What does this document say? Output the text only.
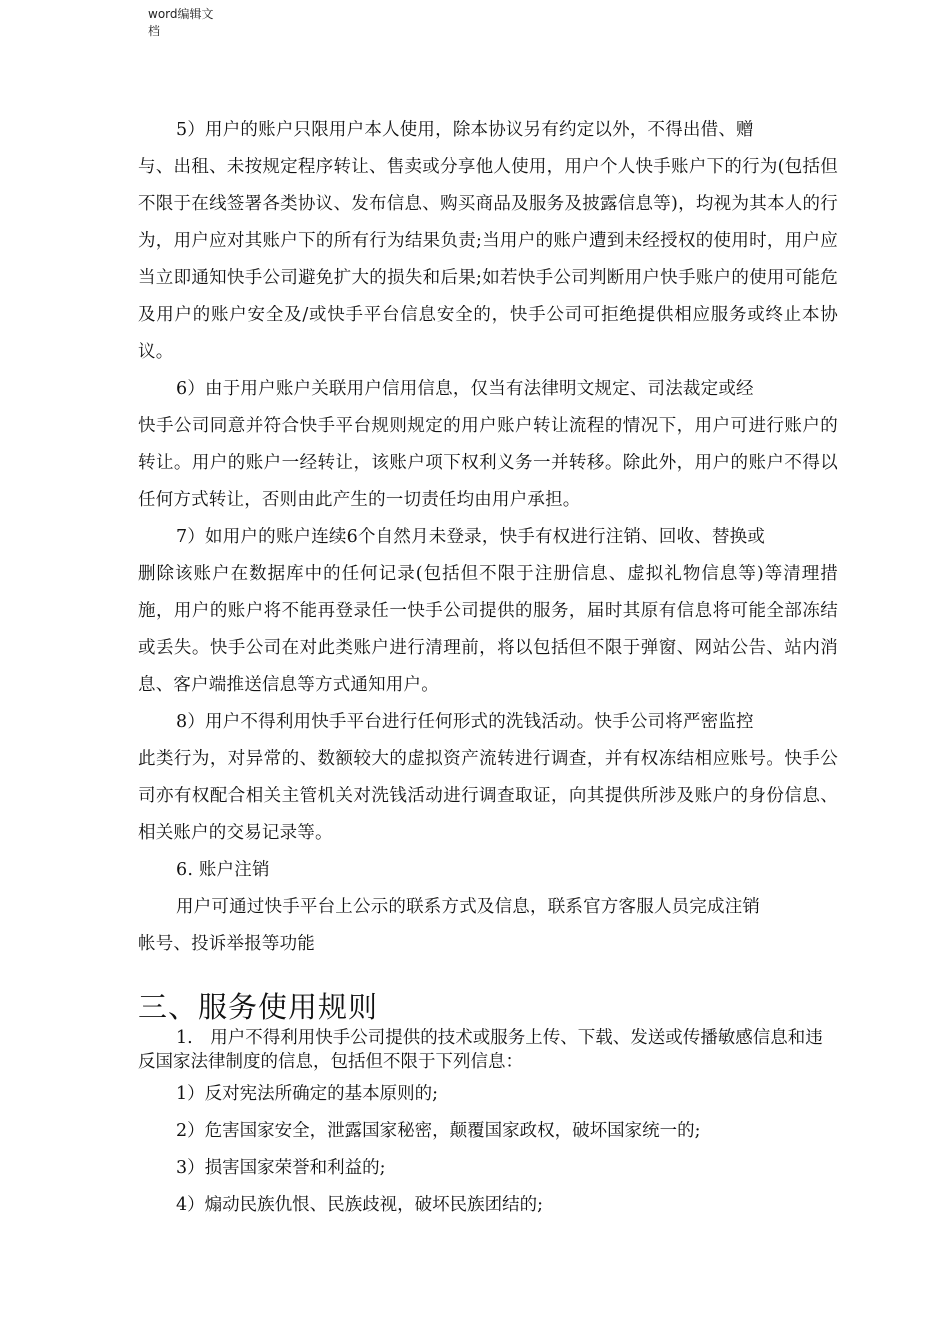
word编辑文
档

5）用户的账户只限用户本人使用，除本协议另有约定以外，不得出借、赠

与、出租、未按规定程序转让、售卖或分享他人使用，用户个人快手账户下的行为(包括但不限于在线签署各类协议、发布信息、购买商品及服务及披露信息等)，均视为其本人的行为，用户应对其账户下的所有行为结果负责;当用户的账户遭到未经授权的使用时，用户应当立即通知快手公司避免扩大的损失和后果;如若快手公司判断用户快手账户的使用可能危及用户的账户安全及/或快手平台信息安全的，快手公司可拒绝提供相应服务或终止本协议。

6）由于用户账户关联用户信用信息，仅当有法律明文规定、司法裁定或经

快手公司同意并符合快手平台规则规定的用户账户转让流程的情况下，用户可进行账户的转让。用户的账户一经转让，该账户项下权利义务一并转移。除此外，用户的账户不得以任何方式转让，否则由此产生的一切责任均由用户承担。

7）如用户的账户连续6个自然月未登录，快手有权进行注销、回收、替换或

删除该账户在数据库中的任何记录(包括但不限于注册信息、虚拟礼物信息等)等清理措施，用户的账户将不能再登录任一快手公司提供的服务，届时其原有信息将可能全部冻结或丢失。快手公司在对此类账户进行清理前，将以包括但不限于弹窗、网站公告、站内消息、客户端推送信息等方式通知用户。

8）用户不得利用快手平台进行任何形式的洗钱活动。快手公司将严密监控

此类行为，对异常的、数额较大的虚拟资产流转进行调查，并有权冻结相应账号。快手公司亦有权配合相关主管机关对洗钱活动进行调查取证，向其提供所涉及账户的身份信息、相关账户的交易记录等。

6. 账户注销

用户可通过快手平台上公示的联系方式及信息，联系官方客服人员完成注销

帐号、投诉举报等功能

三、服务使用规则

1.　用户不得利用快手公司提供的技术或服务上传、下载、发送或传播敏感信息和违反国家法律制度的信息，包括但不限于下列信息：

1）反对宪法所确定的基本原则的;

2）危害国家安全，泄露国家秘密，颠覆国家政权，破坏国家统一的;

3）损害国家荣誉和利益的;

4）煽动民族仇恨、民族歧视，破坏民族团结的;
